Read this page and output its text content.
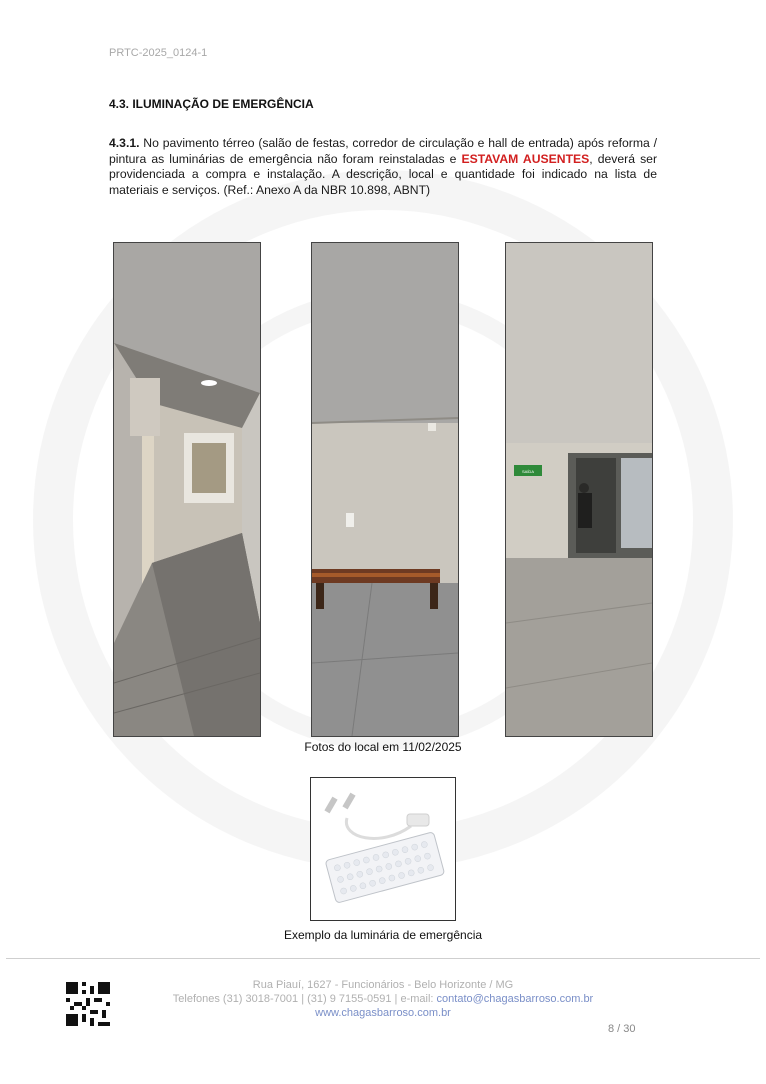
PRTC-2025_0124-1
4.3. ILUMINAÇÃO DE EMERGÊNCIA
4.3.1. No pavimento térreo (salão de festas, corredor de circulação e hall de entrada) após reforma / pintura as luminárias de emergência não foram reinstaladas e ESTAVAM AUSENTES, deverá ser providenciada a compra e instalação. A descrição, local e quantidade foi indicado na lista de materiais e serviços. (Ref.: Anexo A da NBR 10.898, ABNT)
SAÍDA
Fotos do local em 11/02/2025
Exemplo da luminária de emergência
Rua Piauí, 1627 - Funcionários - Belo Horizonte / MG
Telefones (31) 3018-7001 | (31) 9 7155-0591 | e-mail: contato@chagasbarroso.com.br
www.chagasbarroso.com.br
8 / 30
